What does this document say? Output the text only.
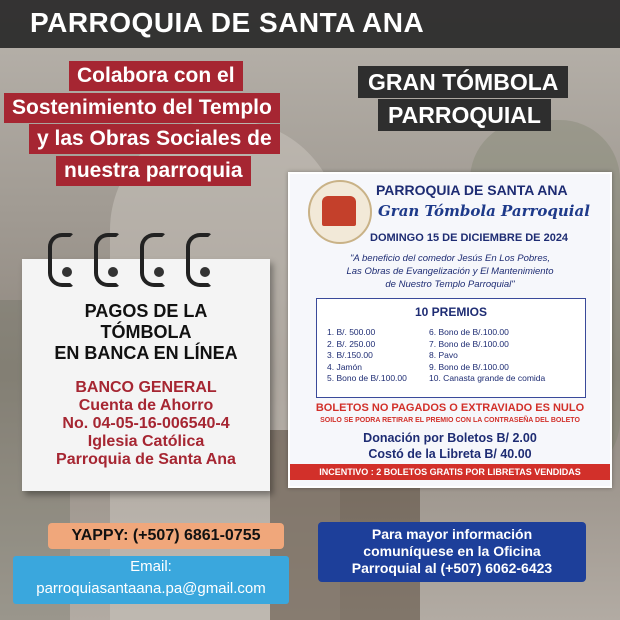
PARROQUIA DE SANTA ANA
Colabora con el
Sostenimiento del Templo
y las Obras Sociales de
nuestra parroquia
GRAN TÓMBOLA
PARROQUIAL
PARROQUIA DE SANTA ANA
Gran Tómbola Parroquial
DOMINGO 15 DE DICIEMBRE DE 2024
"A beneficio del comedor Jesús En Los Pobres,
Las Obras de Evangelización y El Mantenimiento
de Nuestro Templo Parroquial"
10 PREMIOS
1. B/. 500.00
2. B/. 250.00
3. B/.150.00
4. Jamón
5. Bono de B/.100.00
6. Bono de B/.100.00
7. Bono de B/.100.00
8. Pavo
9. Bono de B/.100.00
10. Canasta grande de comida
BOLETOS NO PAGADOS O EXTRAVIADO ES NULO
SOILO SE PODRA RETIRAR EL PREMIO CON LA CONTRASEÑA DEL BOLETO
Donación por Boletos B/ 2.00
Costó de la Libreta B/ 40.00
INCENTIVO : 2 BOLETOS GRATIS POR LIBRETAS VENDIDAS
PAGOS DE LA
TÓMBOLA
EN BANCA EN LÍNEA
BANCO GENERAL
Cuenta de Ahorro
No. 04-05-16-006540-4
Iglesia Católica
Parroquia de Santa Ana
YAPPY: (+507) 6861-0755
Email:
parroquiasantaana.pa@gmail.com
Para mayor información
comuníquese en la Oficina
Parroquial al (+507) 6062-6423
